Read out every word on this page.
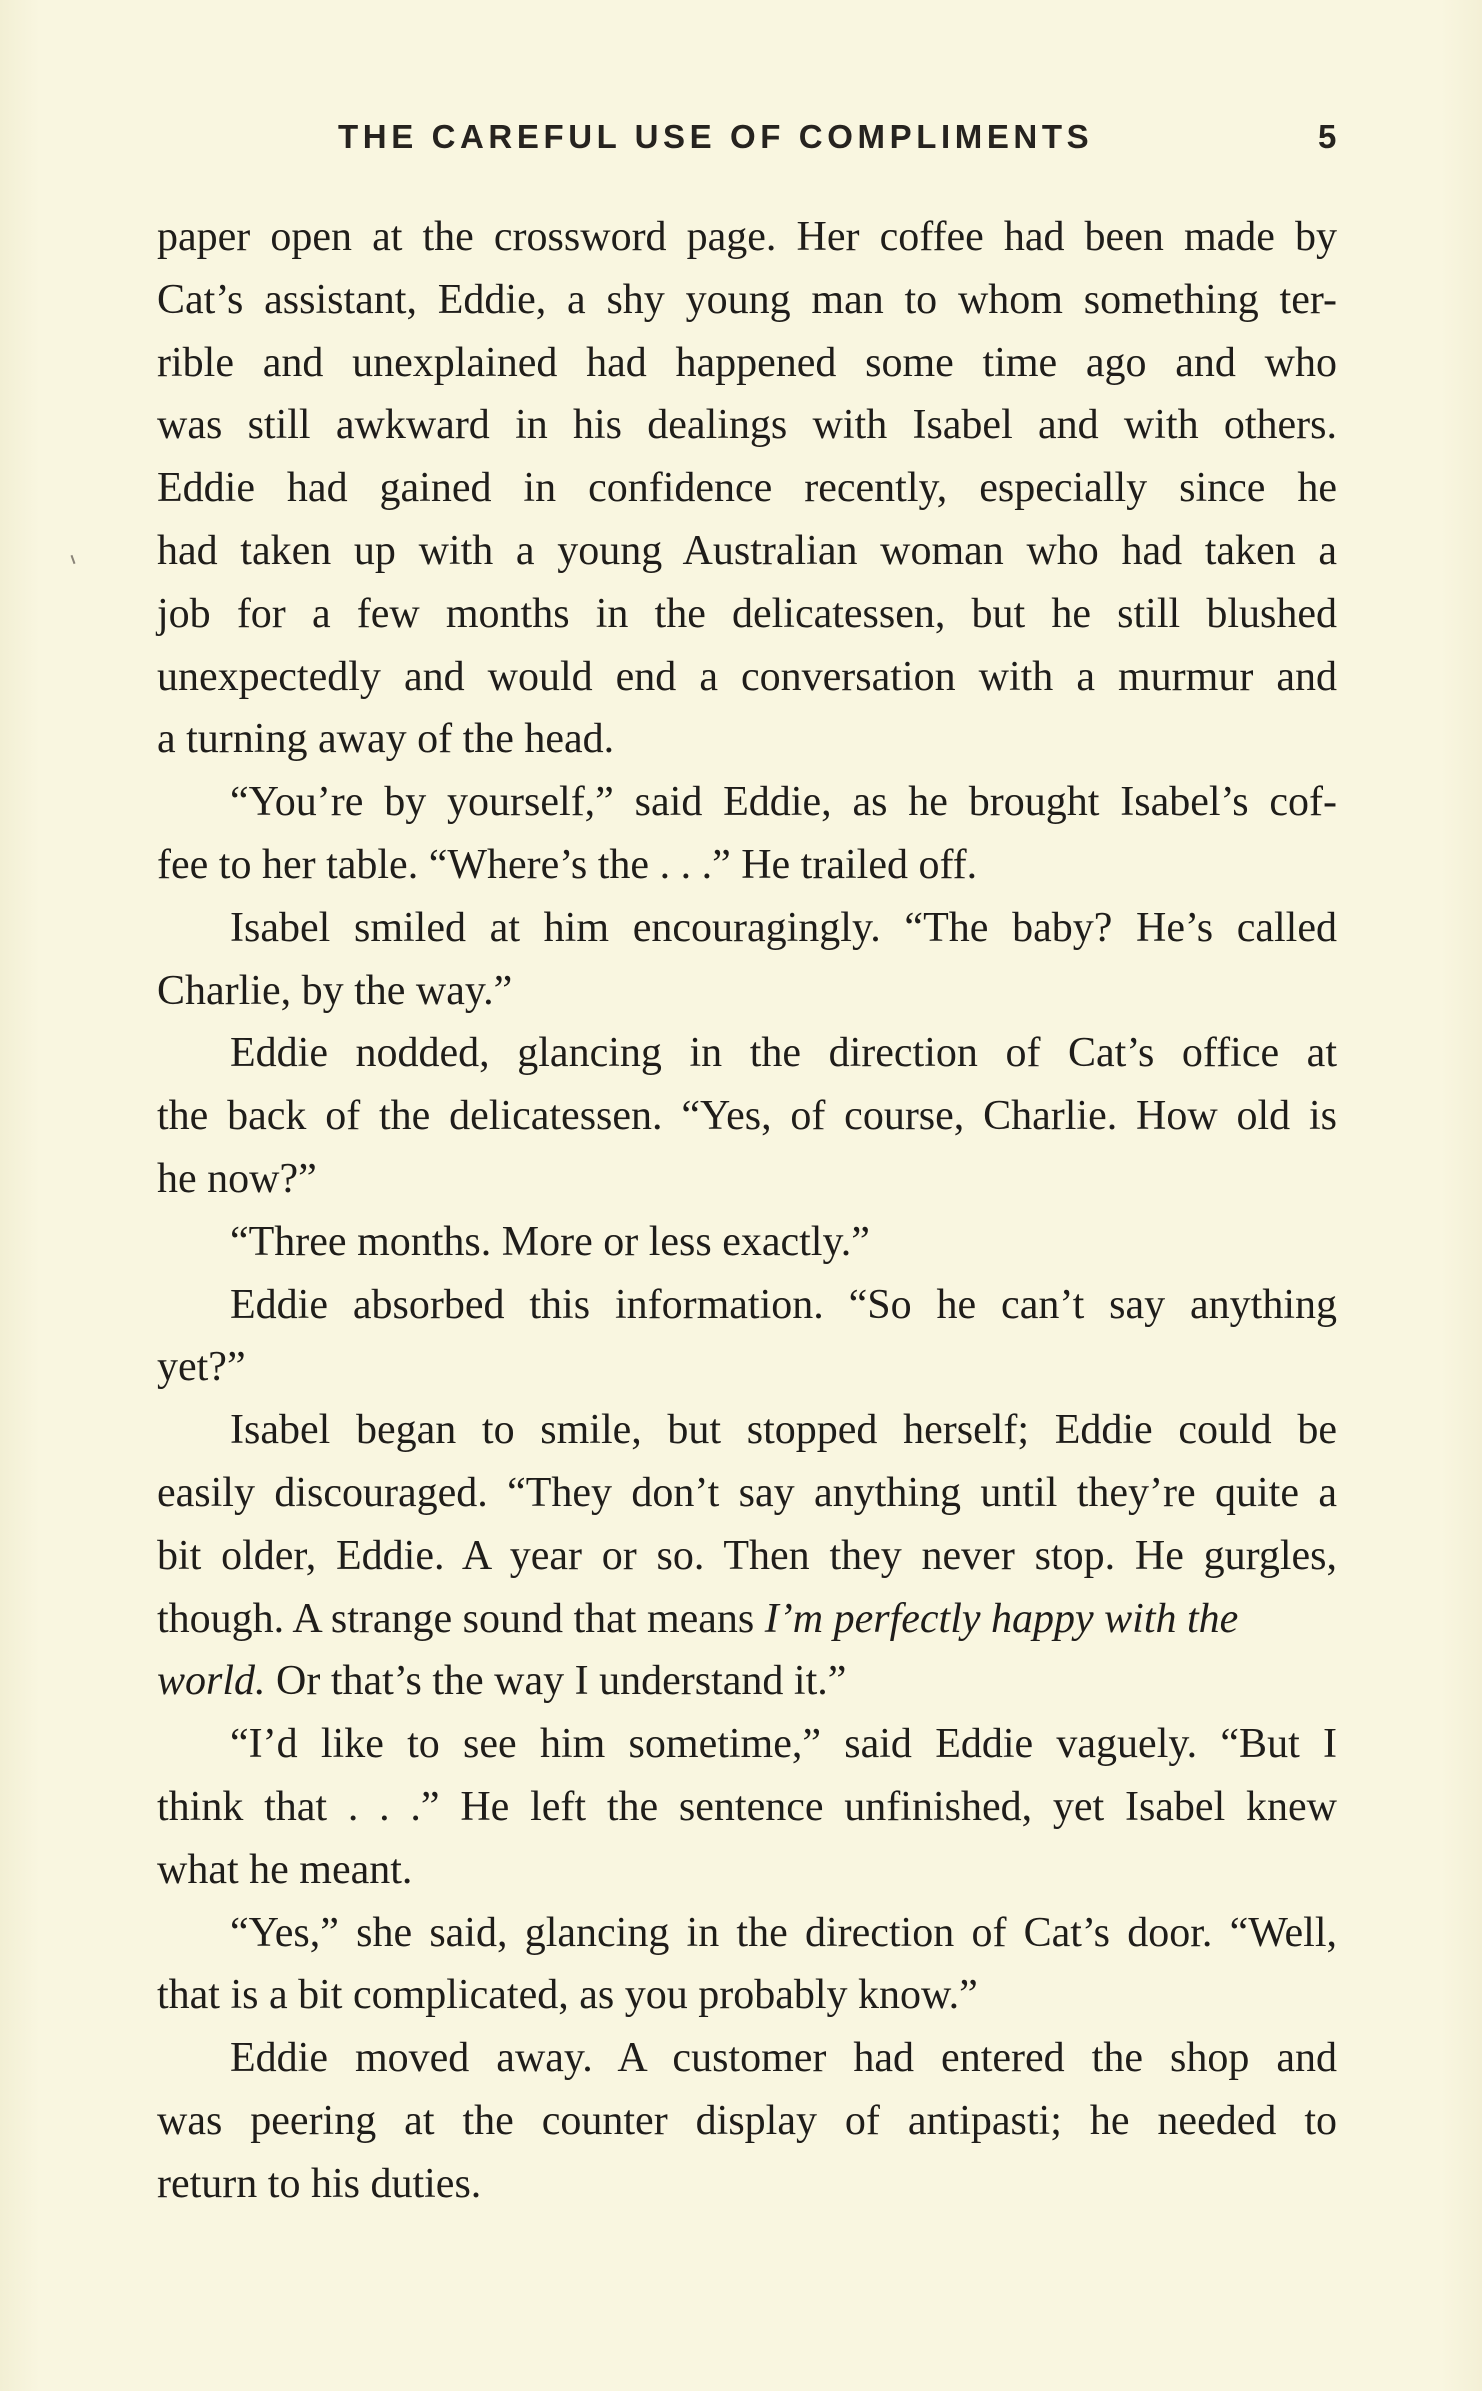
THE CAREFUL USE OF COMPLIMENTS	5
paper open at the crossword page. Her coffee had been made by
Cat’s assistant, Eddie, a shy young man to whom something ter-
rible and unexplained had happened some time ago and who
was still awkward in his dealings with Isabel and with others.
Eddie had gained in confidence recently, especially since he
had taken up with a young Australian woman who had taken a
job for a few months in the delicatessen, but he still blushed
unexpectedly and would end a conversation with a murmur and
a turning away of the head.
“You’re by yourself,” said Eddie, as he brought Isabel’s cof-
fee to her table. “Where’s the . . .” He trailed off.
Isabel smiled at him encouragingly. “The baby? He’s called
Charlie, by the way.”
Eddie nodded, glancing in the direction of Cat’s office at
the back of the delicatessen. “Yes, of course, Charlie. How old is
he now?”
“Three months. More or less exactly.”
Eddie absorbed this information. “So he can’t say anything
yet?”
Isabel began to smile, but stopped herself; Eddie could be
easily discouraged. “They don’t say anything until they’re quite a
bit older, Eddie. A year or so. Then they never stop. He gurgles,
though. A strange sound that means I’m perfectly happy with the
world. Or that’s the way I understand it.”
“I’d like to see him sometime,” said Eddie vaguely. “But I
think that . . .” He left the sentence unfinished, yet Isabel knew
what he meant.
“Yes,” she said, glancing in the direction of Cat’s door. “Well,
that is a bit complicated, as you probably know.”
Eddie moved away. A customer had entered the shop and
was peering at the counter display of antipasti; he needed to
return to his duties.
